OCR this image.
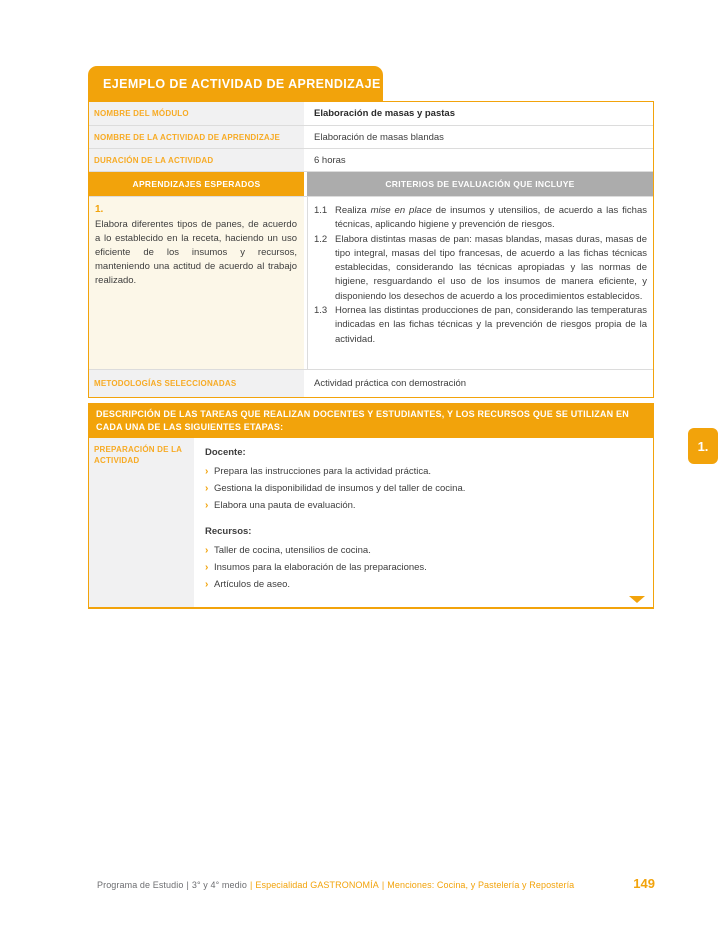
EJEMPLO DE ACTIVIDAD DE APRENDIZAJE
NOMBRE DEL MÓDULO	Elaboración de masas y pastas
NOMBRE DE LA ACTIVIDAD DE APRENDIZAJE	Elaboración de masas blandas
DURACIÓN DE LA ACTIVIDAD	6 horas
APRENDIZAJES ESPERADOS	CRITERIOS DE EVALUACIÓN QUE INCLUYE
1.
Elabora diferentes tipos de panes, de acuerdo a lo establecido en la receta, haciendo un uso eficiente de los insumos y recursos, manteniendo una actitud de acuerdo al trabajo realizado.
1.1 Realiza mise en place de insumos y utensilios, de acuerdo a las fichas técnicas, aplicando higiene y prevención de riesgos.
1.2 Elabora distintas masas de pan: masas blandas, masas duras, masas de tipo integral, masas del tipo francesas, de acuerdo a las fichas técnicas establecidas, considerando las técnicas apropiadas y las normas de higiene, resguardando el uso de los insumos de manera eficiente, y disponiendo los desechos de acuerdo a los procedimientos establecidos.
1.3 Hornea las distintas producciones de pan, considerando las temperaturas indicadas en las fichas técnicas y la prevención de riesgos propia de la actividad.
METODOLOGÍAS SELECCIONADAS	Actividad práctica con demostración
DESCRIPCIÓN DE LAS TAREAS QUE REALIZAN DOCENTES Y ESTUDIANTES, Y LOS RECURSOS QUE SE UTILIZAN EN CADA UNA DE LAS SIGUIENTES ETAPAS:
PREPARACIÓN DE LA ACTIVIDAD
Docente:
› Prepara las instrucciones para la actividad práctica.
› Gestiona la disponibilidad de insumos y del taller de cocina.
› Elabora una pauta de evaluación.
Recursos:
› Taller de cocina, utensilios de cocina.
› Insumos para la elaboración de las preparaciones.
› Artículos de aseo.
1.
Programa de Estudio | 3° y 4° medio | Especialidad GASTRONOMÍA | Menciones: Cocina, y Pastelería y Repostería	149
